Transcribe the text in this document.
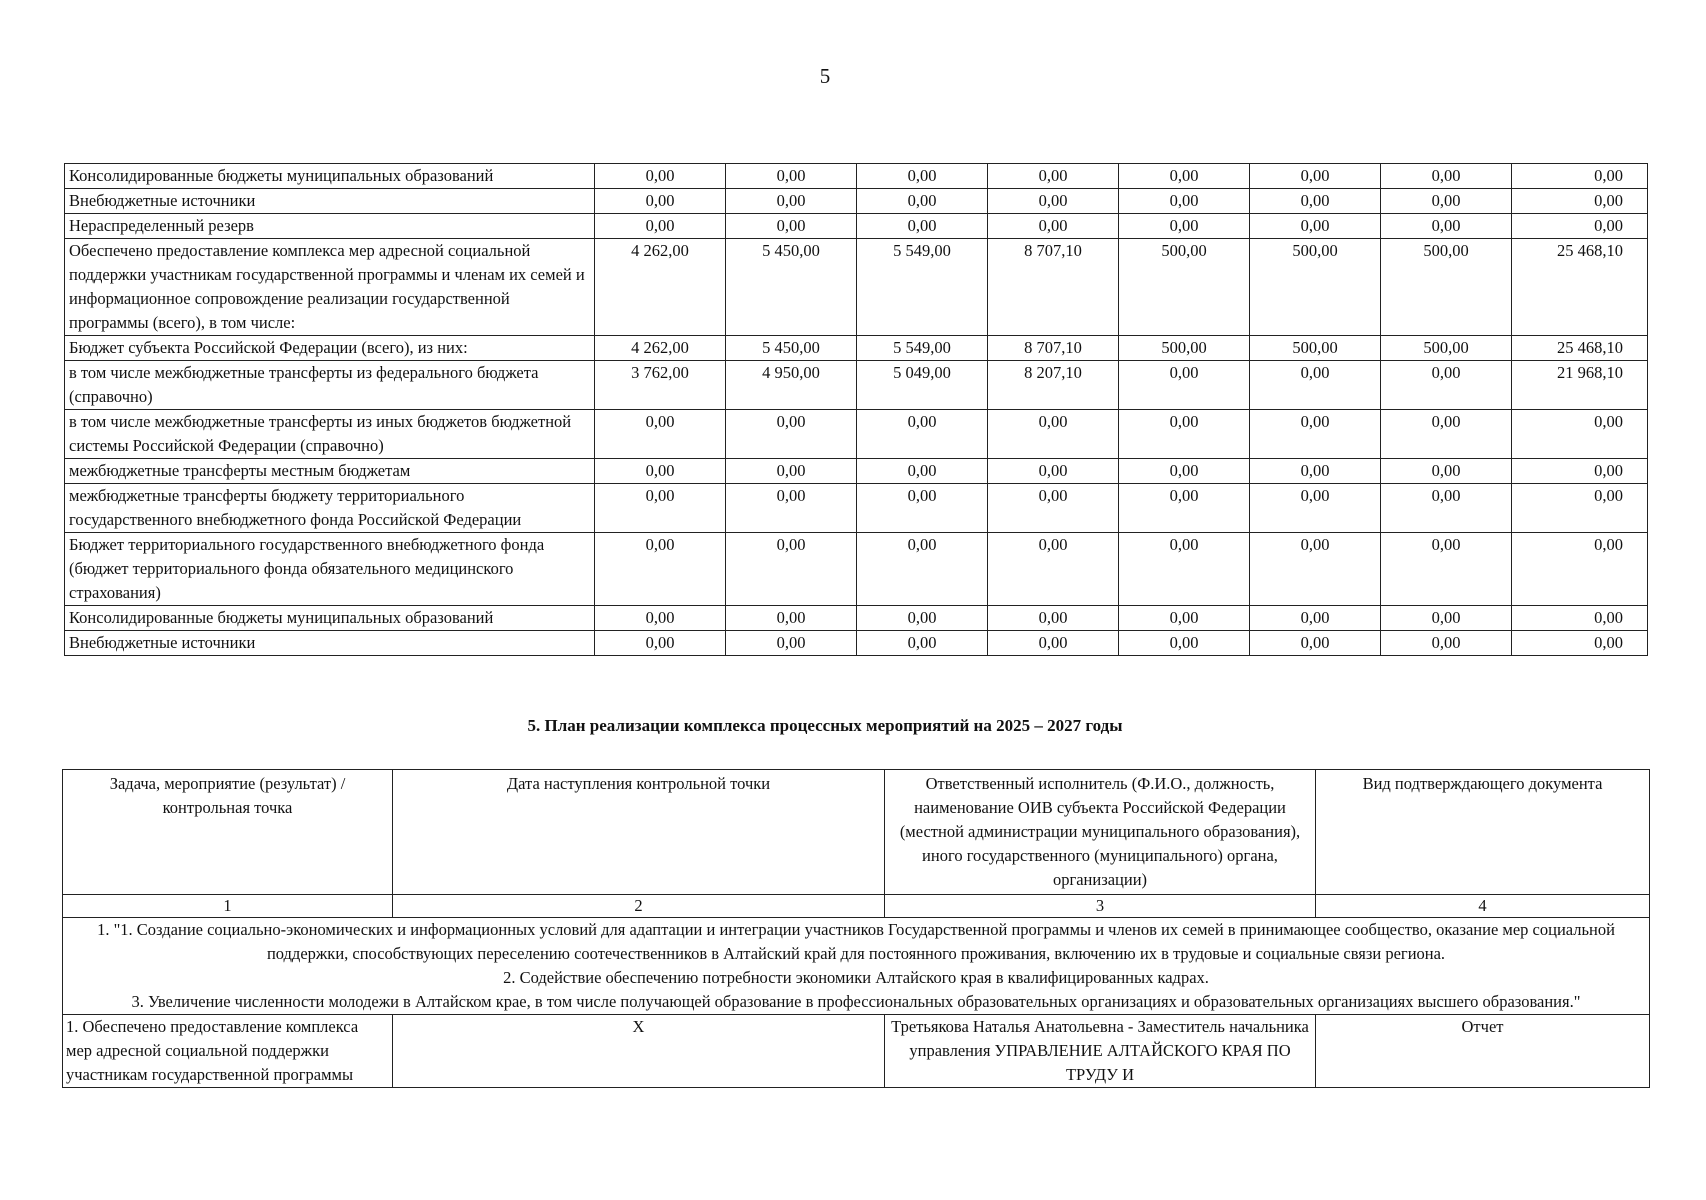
5
Консолидированные бюджеты муниципальных образований	0,00	0,00	0,00	0,00	0,00	0,00	0,00	0,00
Внебюджетные источники	0,00	0,00	0,00	0,00	0,00	0,00	0,00	0,00
Нераспределенный резерв	0,00	0,00	0,00	0,00	0,00	0,00	0,00	0,00
Обеспечено предоставление комплекса мер адресной социальной поддержки участникам государственной программы и членам их семей и информационное сопровождение реализации государственной программы (всего), в том числе:	4 262,00	5 450,00	5 549,00	8 707,10	500,00	500,00	500,00	25 468,10
Бюджет субъекта Российской Федерации (всего), из них:	4 262,00	5 450,00	5 549,00	8 707,10	500,00	500,00	500,00	25 468,10
в том числе межбюджетные трансферты из федерального бюджета (справочно)	3 762,00	4 950,00	5 049,00	8 207,10	0,00	0,00	0,00	21 968,10
в том числе межбюджетные трансферты из иных бюджетов бюджетной системы Российской Федерации (справочно)	0,00	0,00	0,00	0,00	0,00	0,00	0,00	0,00
межбюджетные трансферты местным бюджетам	0,00	0,00	0,00	0,00	0,00	0,00	0,00	0,00
межбюджетные трансферты бюджету территориального государственного внебюджетного фонда Российской Федерации	0,00	0,00	0,00	0,00	0,00	0,00	0,00	0,00
Бюджет территориального государственного внебюджетного фонда (бюджет территориального фонда обязательного медицинского страхования)	0,00	0,00	0,00	0,00	0,00	0,00	0,00	0,00
Консолидированные бюджеты муниципальных образований	0,00	0,00	0,00	0,00	0,00	0,00	0,00	0,00
Внебюджетные источники	0,00	0,00	0,00	0,00	0,00	0,00	0,00	0,00
5. План реализации комплекса процессных мероприятий на 2025 – 2027 годы
Задача, мероприятие (результат) / контрольная точка	Дата наступления контрольной точки	Ответственный исполнитель (Ф.И.О., должность, наименование ОИВ субъекта Российской Федерации (местной администрации муниципального образования), иного государственного (муниципального) органа, организации)	Вид подтверждающего документа
1	2	3	4

1. "1. Создание социально-экономических и информационных условий для адаптации и интеграции участников Государственной программы и членов их семей в принимающее сообщество, оказание мер социальной поддержки, способствующих переселению соотечественников в Алтайский край для постоянного проживания, включению их в трудовые и социальные связи региона.
2. Содействие обеспечению потребности экономики Алтайского края в квалифицированных кадрах.
3. Увеличение численности молодежи в Алтайском крае, в том числе получающей образование в профессиональных образовательных организациях и образовательных организациях высшего образования."			

1. Обеспечено предоставление комплекса мер адресной социальной поддержки участникам государственной программы	X	Третьякова Наталья Анатольевна - Заместитель начальника управления УПРАВЛЕНИЕ АЛТАЙСКОГО КРАЯ ПО ТРУДУ И	Отчет
